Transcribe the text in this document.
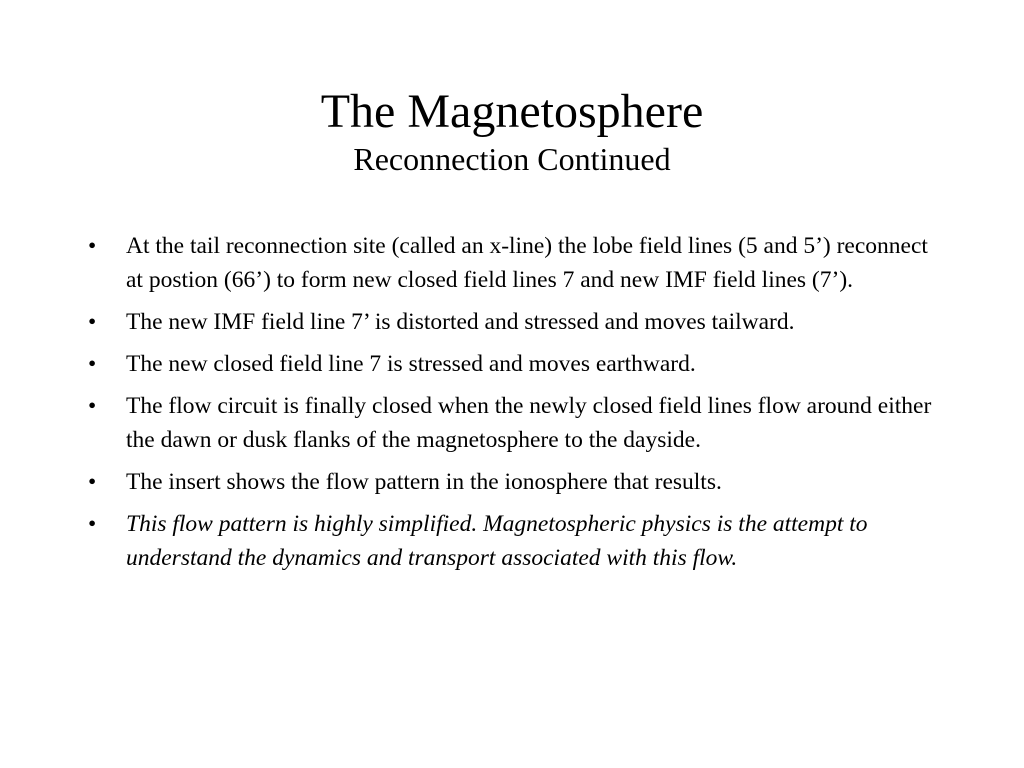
The Magnetosphere
Reconnection Continued
•	At the tail reconnection site (called an x-line) the lobe field lines (5 and 5’) reconnect at postion (66’) to form new closed field lines 7 and new IMF field lines (7’).
•	The new IMF field line 7’ is distorted and stressed and moves tailward.
•	The new closed field line 7 is stressed and moves earthward.
•	The flow circuit is finally closed when the newly closed field lines flow around either the dawn or dusk flanks of the magnetosphere to the dayside.
•	The insert shows the flow pattern in the ionosphere that results.
•	This flow pattern is highly simplified. Magnetospheric physics is the attempt to understand the dynamics and transport associated with this flow.
